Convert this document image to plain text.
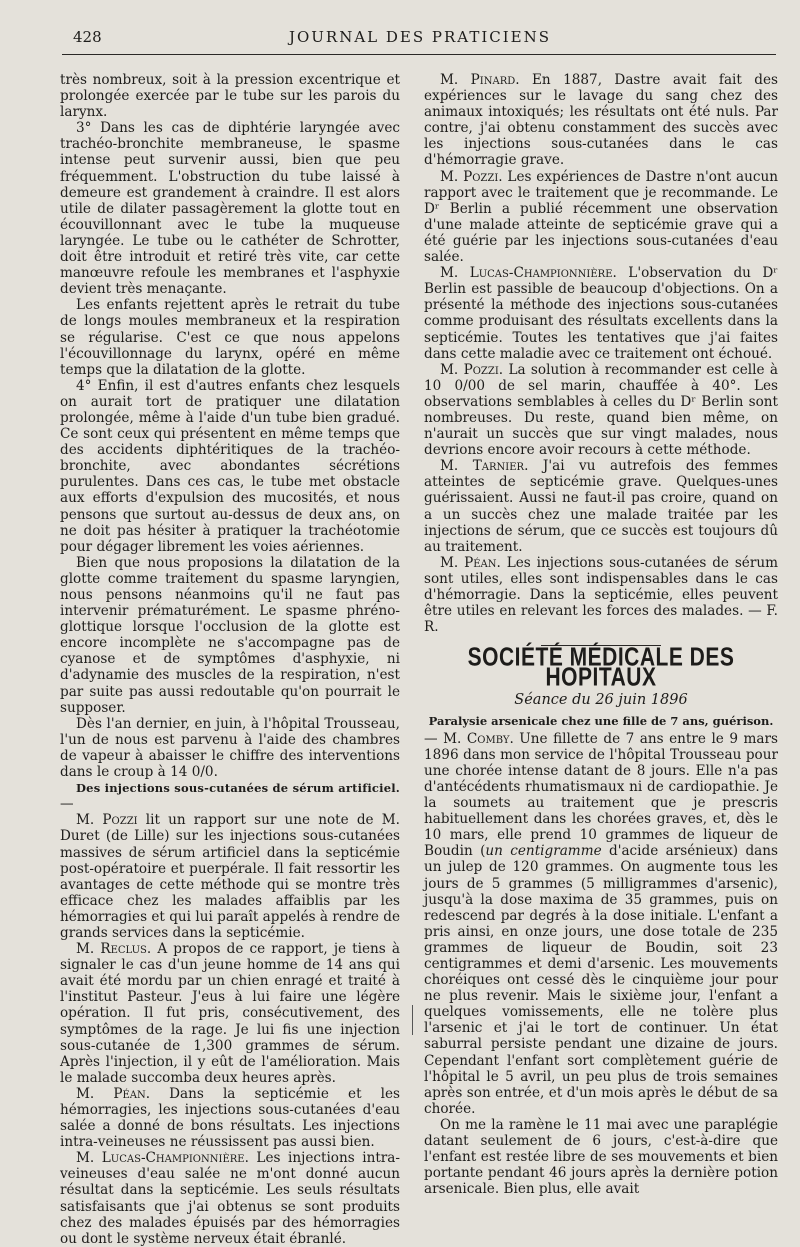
428	JOURNAL DES PRATICIENS

très nombreux, soit à la pression excentrique et prolongée exercée par le tube sur les parois du larynx.

3° Dans les cas de diphtérie laryngée avec trachéo-bronchite membraneuse, le spasme intense peut survenir aussi, bien que peu fréquemment. L'obstruction du tube laissé à demeure est grandement à craindre. Il est alors utile de dilater passagèrement la glotte tout en écouvillonnant avec le tube la muqueuse laryngée. Le tube ou le cathéter de Schrotter, doit être introduit et retiré très vite, car cette manœuvre refoule les membranes et l'asphyxie devient très menaçante.

Les enfants rejettent après le retrait du tube de longs moules membraneux et la respiration se régularise. C'est ce que nous appelons l'écouvillonnage du larynx, opéré en même temps que la dilatation de la glotte.

4° Enfin, il est d'autres enfants chez lesquels on aurait tort de pratiquer une dilatation prolongée, même à l'aide d'un tube bien gradué. Ce sont ceux qui présentent en même temps que des accidents diphtéritiques de la trachéo-bronchite, avec abondantes sécrétions purulentes. Dans ces cas, le tube met obstacle aux efforts d'expulsion des mucosités, et nous pensons que surtout au-dessus de deux ans, on ne doit pas hésiter à pratiquer la trachéotomie pour dégager librement les voies aériennes.

Bien que nous proposions la dilatation de la glotte comme traitement du spasme laryngien, nous pensons néanmoins qu'il ne faut pas intervenir prématurément. Le spasme phréno-glottique lorsque l'occlusion de la glotte est encore incomplète ne s'accompagne pas de cyanose et de symptômes d'asphyxie, ni d'adynamie des muscles de la respiration, n'est par suite pas aussi redoutable qu'on pourrait le supposer.

Dès l'an dernier, en juin, à l'hôpital Trousseau, l'un de nous est parvenu à l'aide des chambres de vapeur à abaisser le chiffre des interventions dans le croup à 14 0/0.

Des injections sous-cutanées de sérum artificiel. —

M. Pozzi lit un rapport sur une note de M. Duret (de Lille) sur les injections sous-cutanées massives de sérum artificiel dans la septicémie post-opératoire et puerpérale. Il fait ressortir les avantages de cette méthode qui se montre très efficace chez les malades affaiblis par les hémorragies et qui lui paraît appelés à rendre de grands services dans la septicémie.

M. Reclus. A propos de ce rapport, je tiens à signaler le cas d'un jeune homme de 14 ans qui avait été mordu par un chien enragé et traité à l'institut Pasteur. J'eus à lui faire une légère opération. Il fut pris, consécutivement, des symptômes de la rage. Je lui fis une injection sous-cutanée de 1,300 grammes de sérum. Après l'injection, il y eût de l'amélioration. Mais le malade succomba deux heures après.

M. Péan. Dans la septicémie et les hémorragies, les injections sous-cutanées d'eau salée a donné de bons résultats. Les injections intra-veineuses ne réussissent pas aussi bien.

M. Lucas-Championnière. Les injections intra-veineuses d'eau salée ne m'ont donné aucun résultat dans la septicémie. Les seuls résultats satisfaisants que j'ai obtenus se sont produits chez des malades épuisés par des hémorragies ou dont le système nerveux était ébranlé.

M. Pinard. En 1887, Dastre avait fait des expériences sur le lavage du sang chez des animaux intoxiqués; les résultats ont été nuls. Par contre, j'ai obtenu constamment des succès avec les injections sous-cutanées dans le cas d'hémorragie grave.

M. Pozzi. Les expériences de Dastre n'ont aucun rapport avec le traitement que je recommande. Le Dʳ Berlin a publié récemment une observation d'une malade atteinte de septicémie grave qui a été guérie par les injections sous-cutanées d'eau salée.

M. Lucas-Championnière. L'observation du Dʳ Berlin est passible de beaucoup d'objections. On a présenté la méthode des injections sous-cutanées comme produisant des résultats excellents dans la septicémie. Toutes les tentatives que j'ai faites dans cette maladie avec ce traitement ont échoué.

M. Pozzi. La solution à recommander est celle à 10 0/00 de sel marin, chauffée à 40°. Les observations semblables à celles du Dʳ Berlin sont nombreuses. Du reste, quand bien même, on n'aurait un succès que sur vingt malades, nous devrions encore avoir recours à cette méthode.

M. Tarnier. J'ai vu autrefois des femmes atteintes de septicémie grave. Quelques-unes guérissaient. Aussi ne faut-il pas croire, quand on a un succès chez une malade traitée par les injections de sérum, que ce succès est toujours dû au traitement.

M. Péan. Les injections sous-cutanées de sérum sont utiles, elles sont indispensables dans le cas d'hémorragie. Dans la septicémie, elles peuvent être utiles en relevant les forces des malades. — F. R.

SOCIÉTÉ MÉDICALE DES HOPITAUX
Séance du 26 juin 1896
Paralysie arsenicale chez une fille de 7 ans, guérison.

— M. Comby. Une fillette de 7 ans entre le 9 mars 1896 dans mon service de l'hôpital Trousseau pour une chorée intense datant de 8 jours. Elle n'a pas d'antécédents rhumatismaux ni de cardiopathie. Je la soumets au traitement que je prescris habituellement dans les chorées graves, et, dès le 10 mars, elle prend 10 grammes de liqueur de Boudin (un centigramme d'acide arsénieux) dans un julep de 120 grammes. On augmente tous les jours de 5 grammes (5 milligrammes d'arsenic), jusqu'à la dose maxima de 35 grammes, puis on redescend par degrés à la dose initiale. L'enfant a pris ainsi, en onze jours, une dose totale de 235 grammes de liqueur de Boudin, soit 23 centigrammes et demi d'arsenic. Les mouvements choréiques ont cessé dès le cinquième jour pour ne plus revenir. Mais le sixième jour, l'enfant a quelques vomissements, elle ne tolère plus l'arsenic et j'ai le tort de continuer. Un état saburral persiste pendant une dizaine de jours. Cependant l'enfant sort complètement guérie de l'hôpital le 5 avril, un peu plus de trois semaines après son entrée, et d'un mois après le début de sa chorée.

On me la ramène le 11 mai avec une paraplégie datant seulement de 6 jours, c'est-à-dire que l'enfant est restée libre de ses mouvements et bien portante pendant 46 jours après la dernière potion arsenicale. Bien plus, elle avait
